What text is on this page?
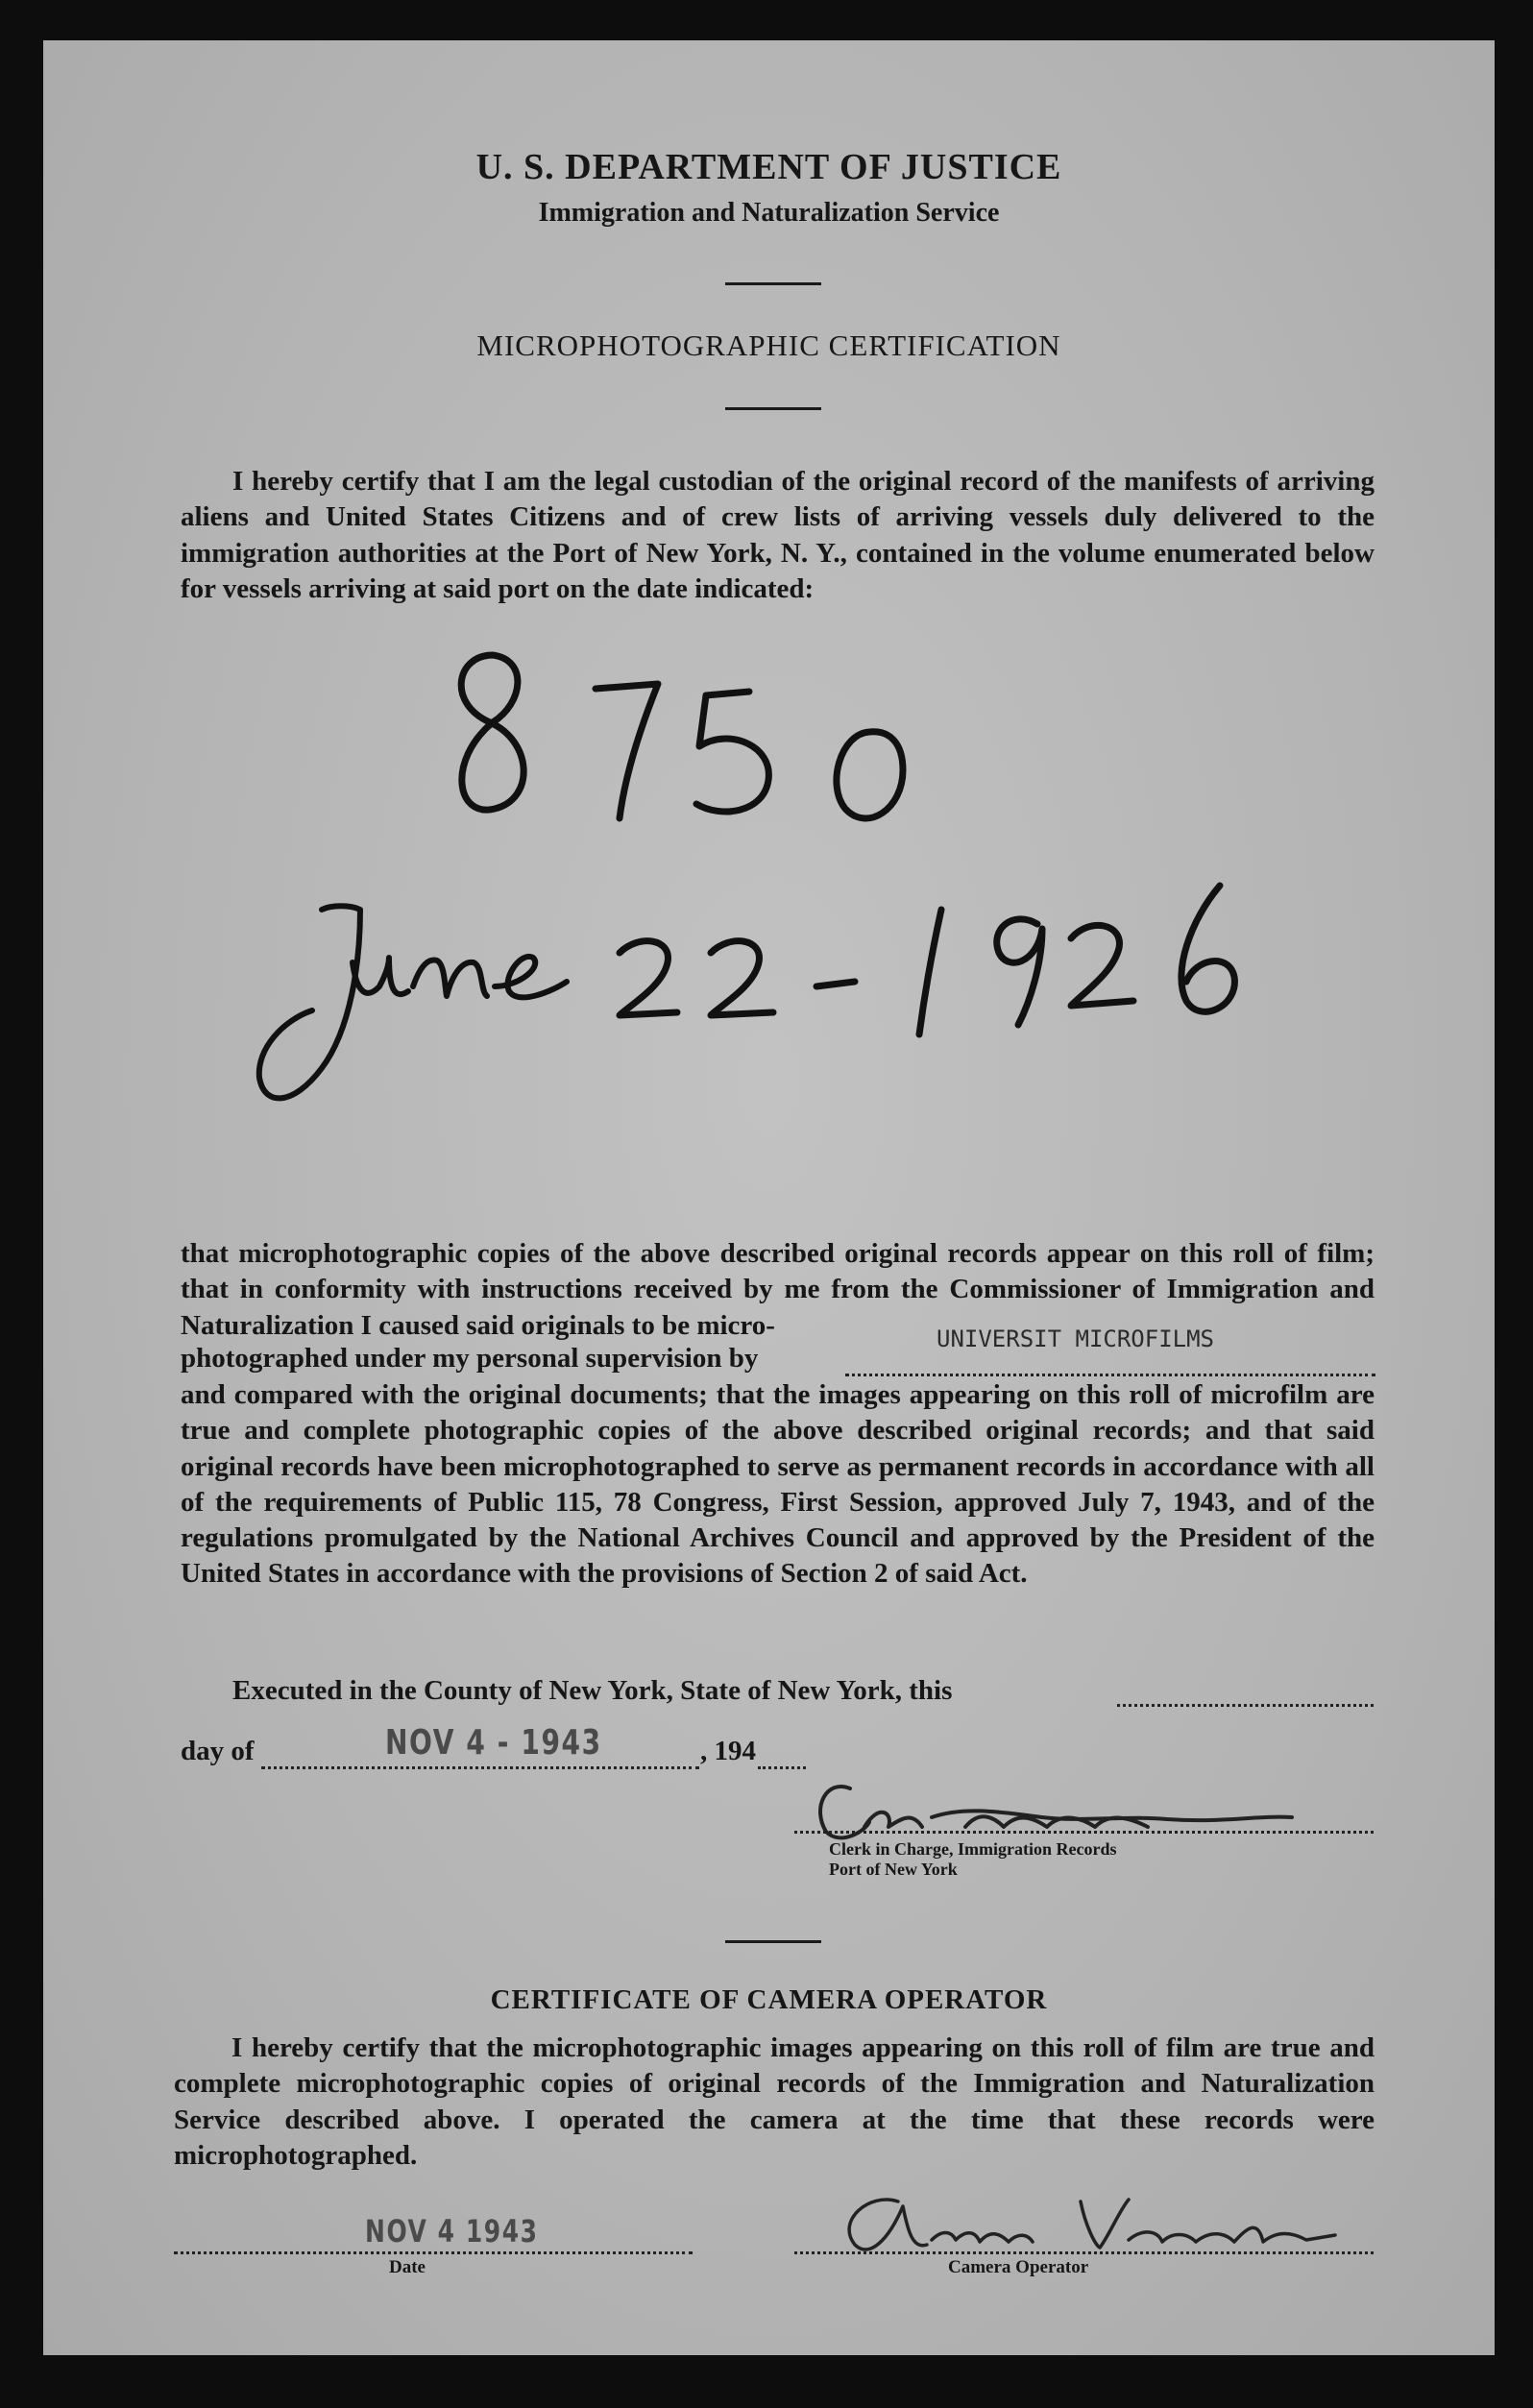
U. S. DEPARTMENT OF JUSTICE
Immigration and Naturalization Service
MICROPHOTOGRAPHIC CERTIFICATION
I hereby certify that I am the legal custodian of the original record of the manifests of arriving aliens and United States Citizens and of crew lists of arriving vessels duly delivered to the immigration authorities at the Port of New York, N. Y., contained in the volume enumerated below for vessels arriving at said port on the date indicated:
that microphotographic copies of the above described original records appear on this roll of film; that in conformity with instructions received by me from the Commissioner of Immigration and Naturalization I caused said originals to be micro-
photographed under my personal supervision by
UNIVERSIT MICROFILMS
and compared with the original documents; that the images appearing on this roll of microfilm are true and complete photographic copies of the above described original records; and that said original records have been microphotographed to serve as permanent records in accordance with all of the requirements of Public 115, 78 Congress, First Session, approved July 7, 1943, and of the regulations promulgated by the National Archives Council and approved by the President of the United States in accordance with the provisions of Section 2 of said Act.
Executed in the County of New York, State of New York, this
day of	NOV 4 - 1943	, 194
Clerk in Charge, Immigration Records
Port of New York
CERTIFICATE OF CAMERA OPERATOR
I hereby certify that the microphotographic images appearing on this roll of film are true and complete microphotographic copies of original records of the Immigration and Naturalization Service described above. I operated the camera at the time that these records were microphotographed.
NOV 4 1943
Date	Camera Operator
